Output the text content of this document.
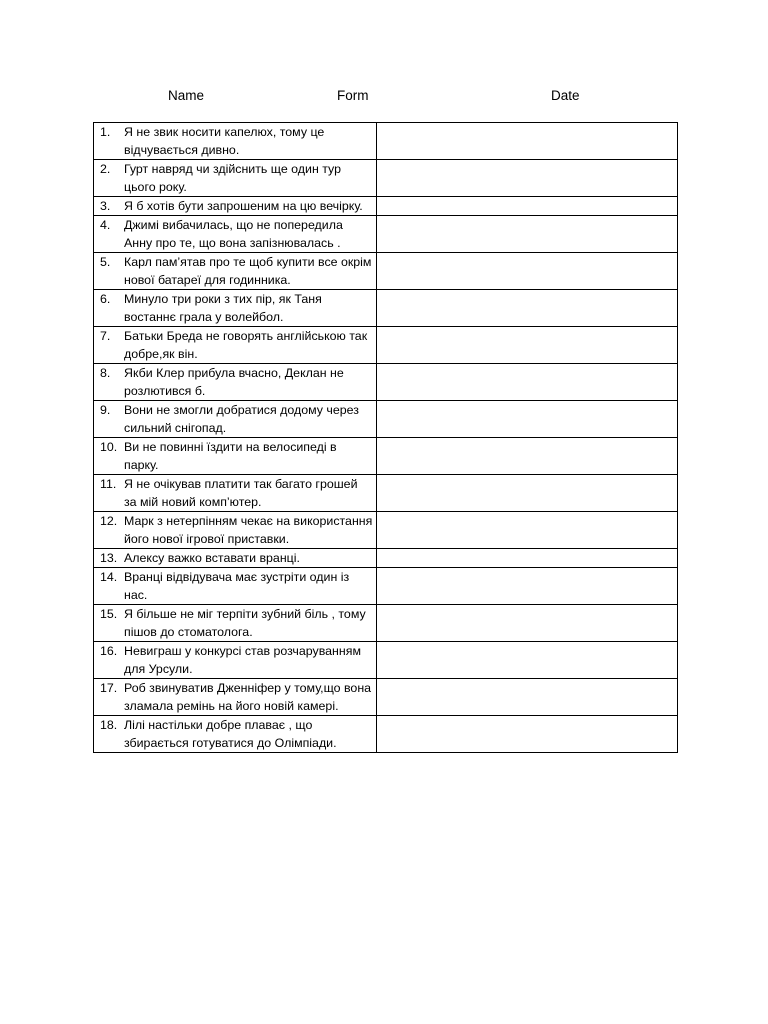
Name	Form	Date
1. Я не звик носити капелюх, тому це відчувається дивно.	

2. Гурт навряд чи здійснить ще один тур цього року.	

3. Я б хотів бути запрошеним на цю вечірку.	

4. Джимі вибачилась, що не попередила Анну про те, що вона запізнювалась .	

5. Карл пам’ятав про те щоб купити все окрім нової батареї для годинника.	

6. Минуло три роки з тих пір, як Таня востаннє грала у волейбол.	

7. Батьки Бреда не говорять англійською так добре,як він.	

8. Якби Клер прибула вчасно, Деклан не розлютився б.	

9. Вони не змогли добратися додому через сильний снігопад.	

10. Ви не повинні їздити на велосипеді в парку.	

11. Я не очікував платити так багато грошей за мій новий комп’ютер.	

12. Марк з нетерпінням чекає на використання його нової ігрової приставки.	

13. Алексу важко вставати вранці.	

14. Вранці відвідувача має зустріти один із нас.	

15. Я більше не міг терпіти зубний біль , тому пішов до стоматолога.	

16. Невиграш у конкурсі став розчаруванням для Урсули.	

17. Роб звинуватив Дженніфер у тому,що вона зламала ремінь на його новій камері.	

18. Лілі настільки добре плаває , що збирається готуватися до Олімпіади.	
